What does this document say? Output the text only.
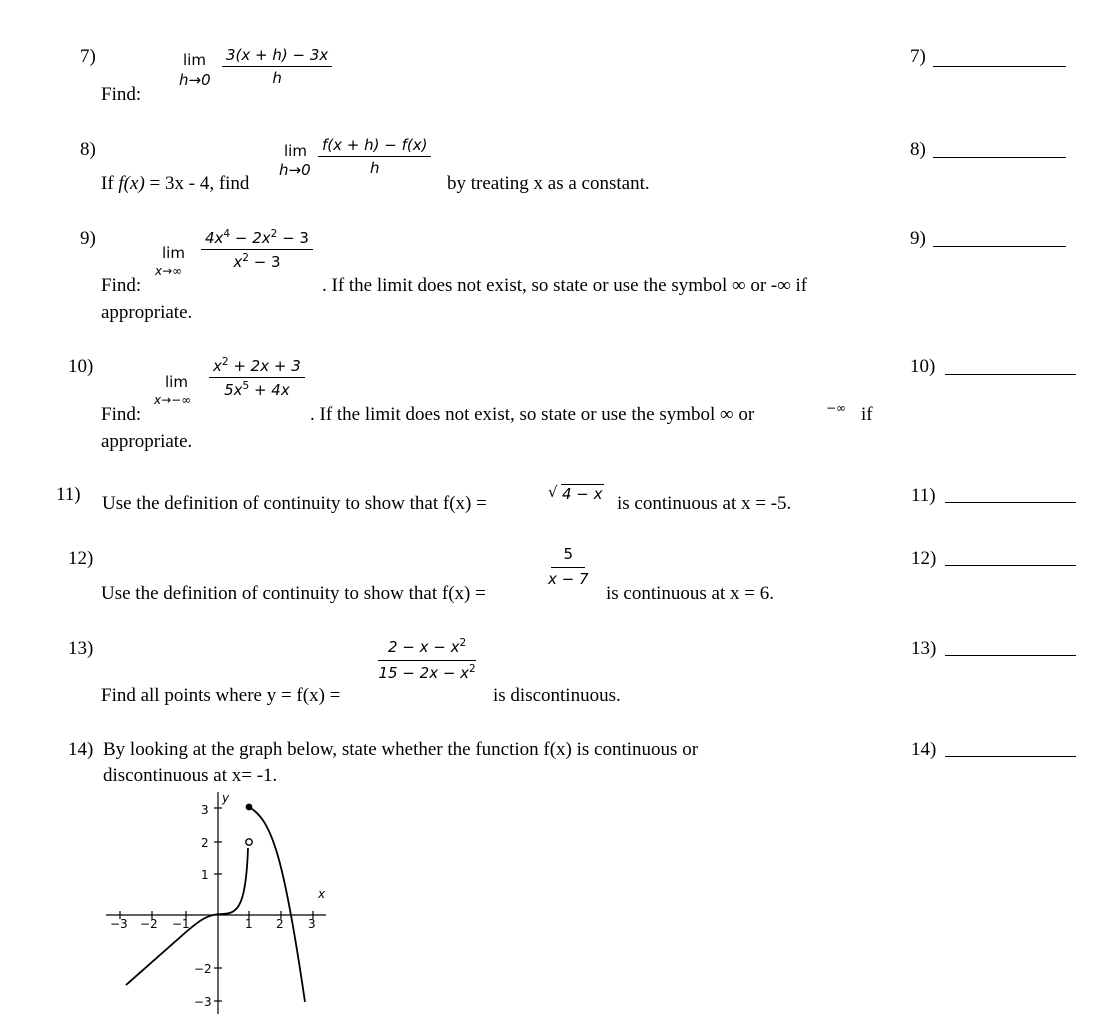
7)
Find:
lim
$h\to 0 \frac{3(x + h) - 3x}{h}$	7)
8)
If f(x) = 3x - 4, find
lim
$h\to 0 \frac{f(x + h) - f(x)}{h}$
by treating x as a constant.
8)
9)
Find:
lim
x→∞
$\frac{4x^4 - 2x^2 - 3}{x^2 - 3}$
. If the limit does not exist, so state or use the symbol ∞ or -∞ if
appropriate.
9)
10)
Find:
lim
x→−∞
$\frac{x^2 + 2x + 3}{5x^5 + 4x}$
. If the limit does not exist, so state or use the symbol ∞ or	−∞ if
appropriate.
10)
11) Use the definition of continuity to show that f(x) =
√ 4 − x is continuous at x = -5.	11)
12)
Use the definition of continuity to show that f(x) =
$\frac{5}{x - 7}$
is continuous at x = 6.
12)
13)
Find all points where y = f(x) =
$\frac{2 - x - x^2}{15 - 2x - x^2}$
is discontinuous.
13)
14) By looking at the graph below, state whether the function f(x) is continuous or
discontinuous at x= -1.
14)
−3 −2 −1	1 2 3
3
2
1
−2
−3
y
x
